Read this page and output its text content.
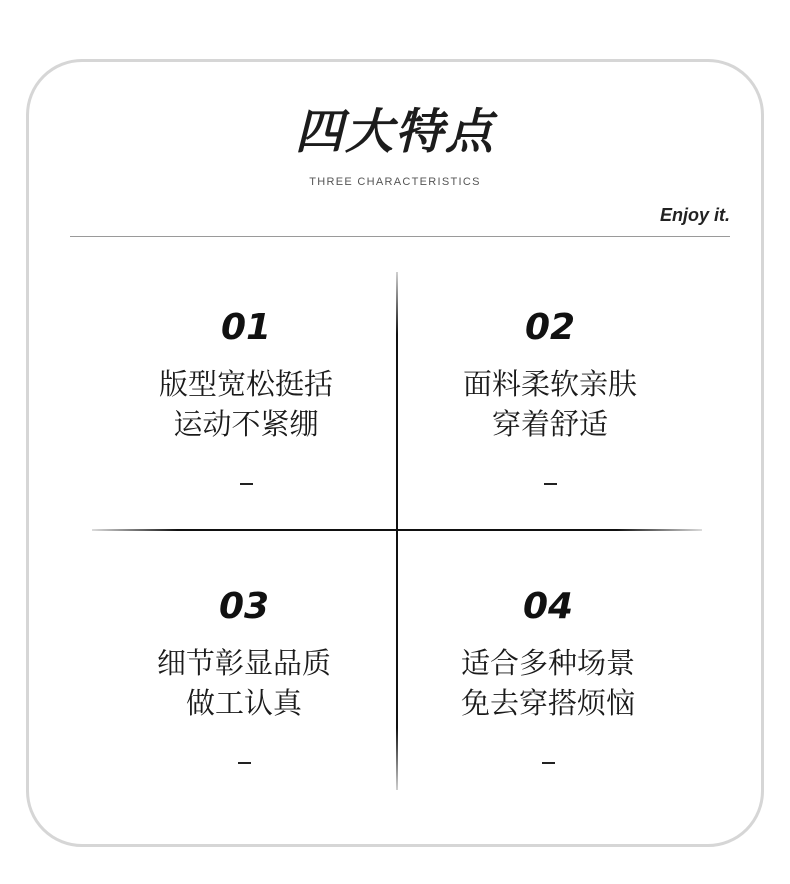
四大特点
THREE CHARACTERISTICS
Enjoy it.
01
版型宽松挺括
运动不紧绷
02
面料柔软亲肤
穿着舒适
03
细节彰显品质
做工认真
04
适合多种场景
免去穿搭烦恼
